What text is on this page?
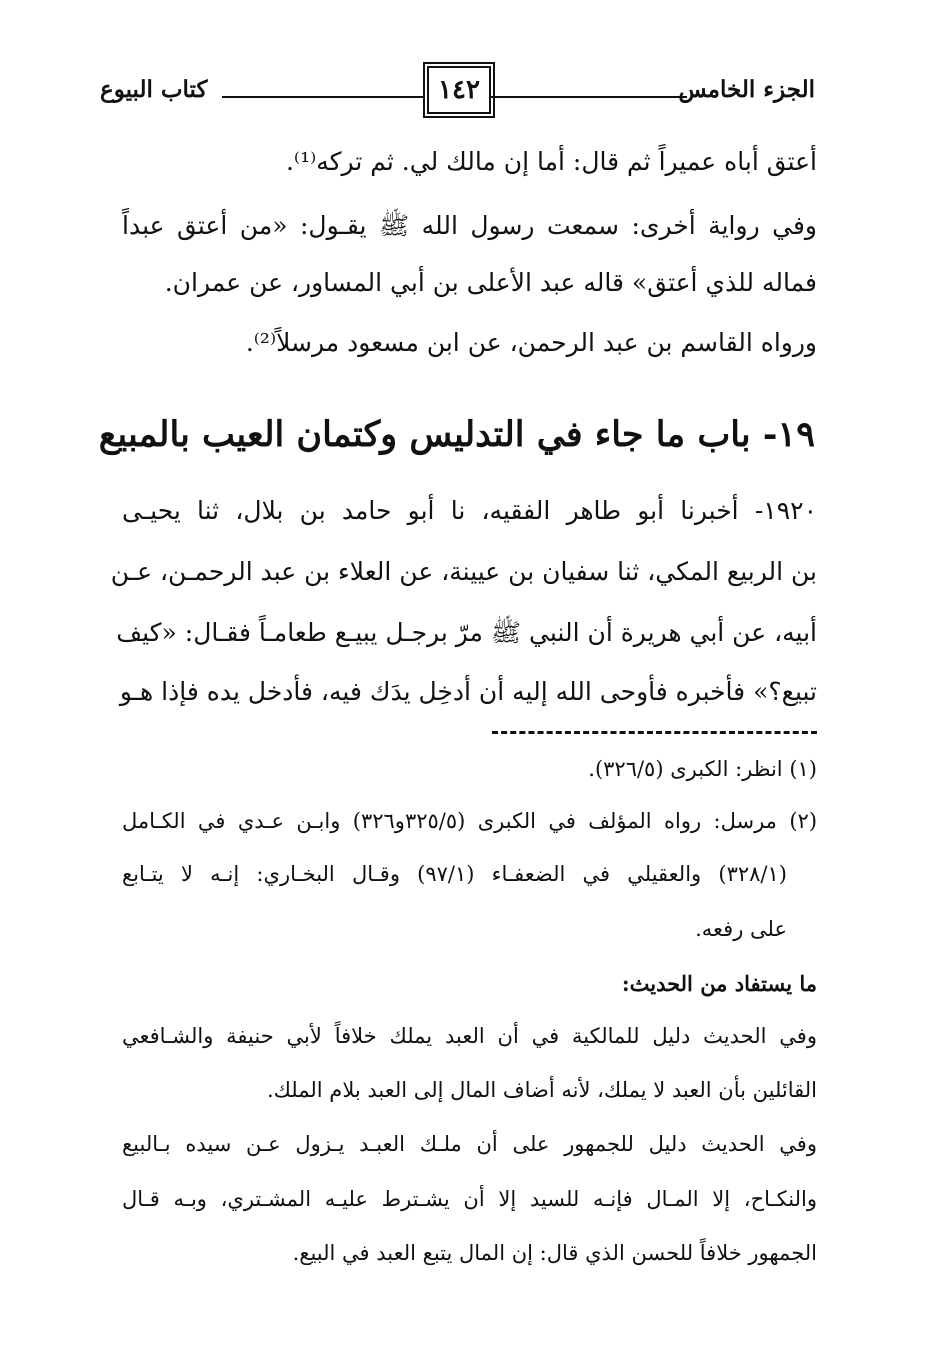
الجزء الخامس
١٤٢
كتاب البيوع
أعتق أباه عميراً ثم قال: أما إن مالك لي. ثم تركه⁽¹⁾.
وفي رواية أخرى: سمعت رسول الله ﷺ يقـول: «من أعتق عبداً
فماله للذي أعتق» قاله عبد الأعلى بن أبي المساور، عن عمران.
ورواه القاسم بن عبد الرحمن، عن ابن مسعود مرسلاً⁽²⁾.
١٩- باب ما جاء في التدليس وكتمان العيب بالمبيع
١٩٢٠- أخبرنا أبو طاهر الفقيه، نا أبو حامد بن بلال، ثنا يحيـى
بن الربيع المكي، ثنا سفيان بن عيينة، عن العلاء بن عبد الرحمـن، عـن
أبيه، عن أبي هريرة أن النبي ﷺ مرّ برجـل يبيـع طعامـاً فقـال: «كيف
تبيع؟» فأخبره فأوحى الله إليه أن أدخِل يدَك فيه، فأدخل يده فإذا هـو
(١) انظر: الكبرى (٣٢٦/٥).
(٢) مرسل: رواه المؤلف في الكبرى (٣٢٥/٥و٣٢٦) وابـن عـدي في الكـامل
(٣٢٨/١) والعقيلي في الضعفـاء (٩٧/١) وقـال البخـاري: إنـه لا يتـابع
على رفعه.
ما يستفاد من الحديث:
وفي الحديث دليل للمالكية في أن العبد يملك خلافاً لأبي حنيفة والشـافعي
القائلين بأن العبد لا يملك، لأنه أضاف المال إلى العبد بلام الملك.
وفي الحديث دليل للجمهور على أن ملـك العبـد يـزول عـن سيده بـالبيع
والنكـاح، إلا المـال فإنـه للسيد إلا أن يشـترط عليـه المشـتري، وبـه قـال
الجمهور خلافاً للحسن الذي قال: إن المال يتبع العبد في البيع.
